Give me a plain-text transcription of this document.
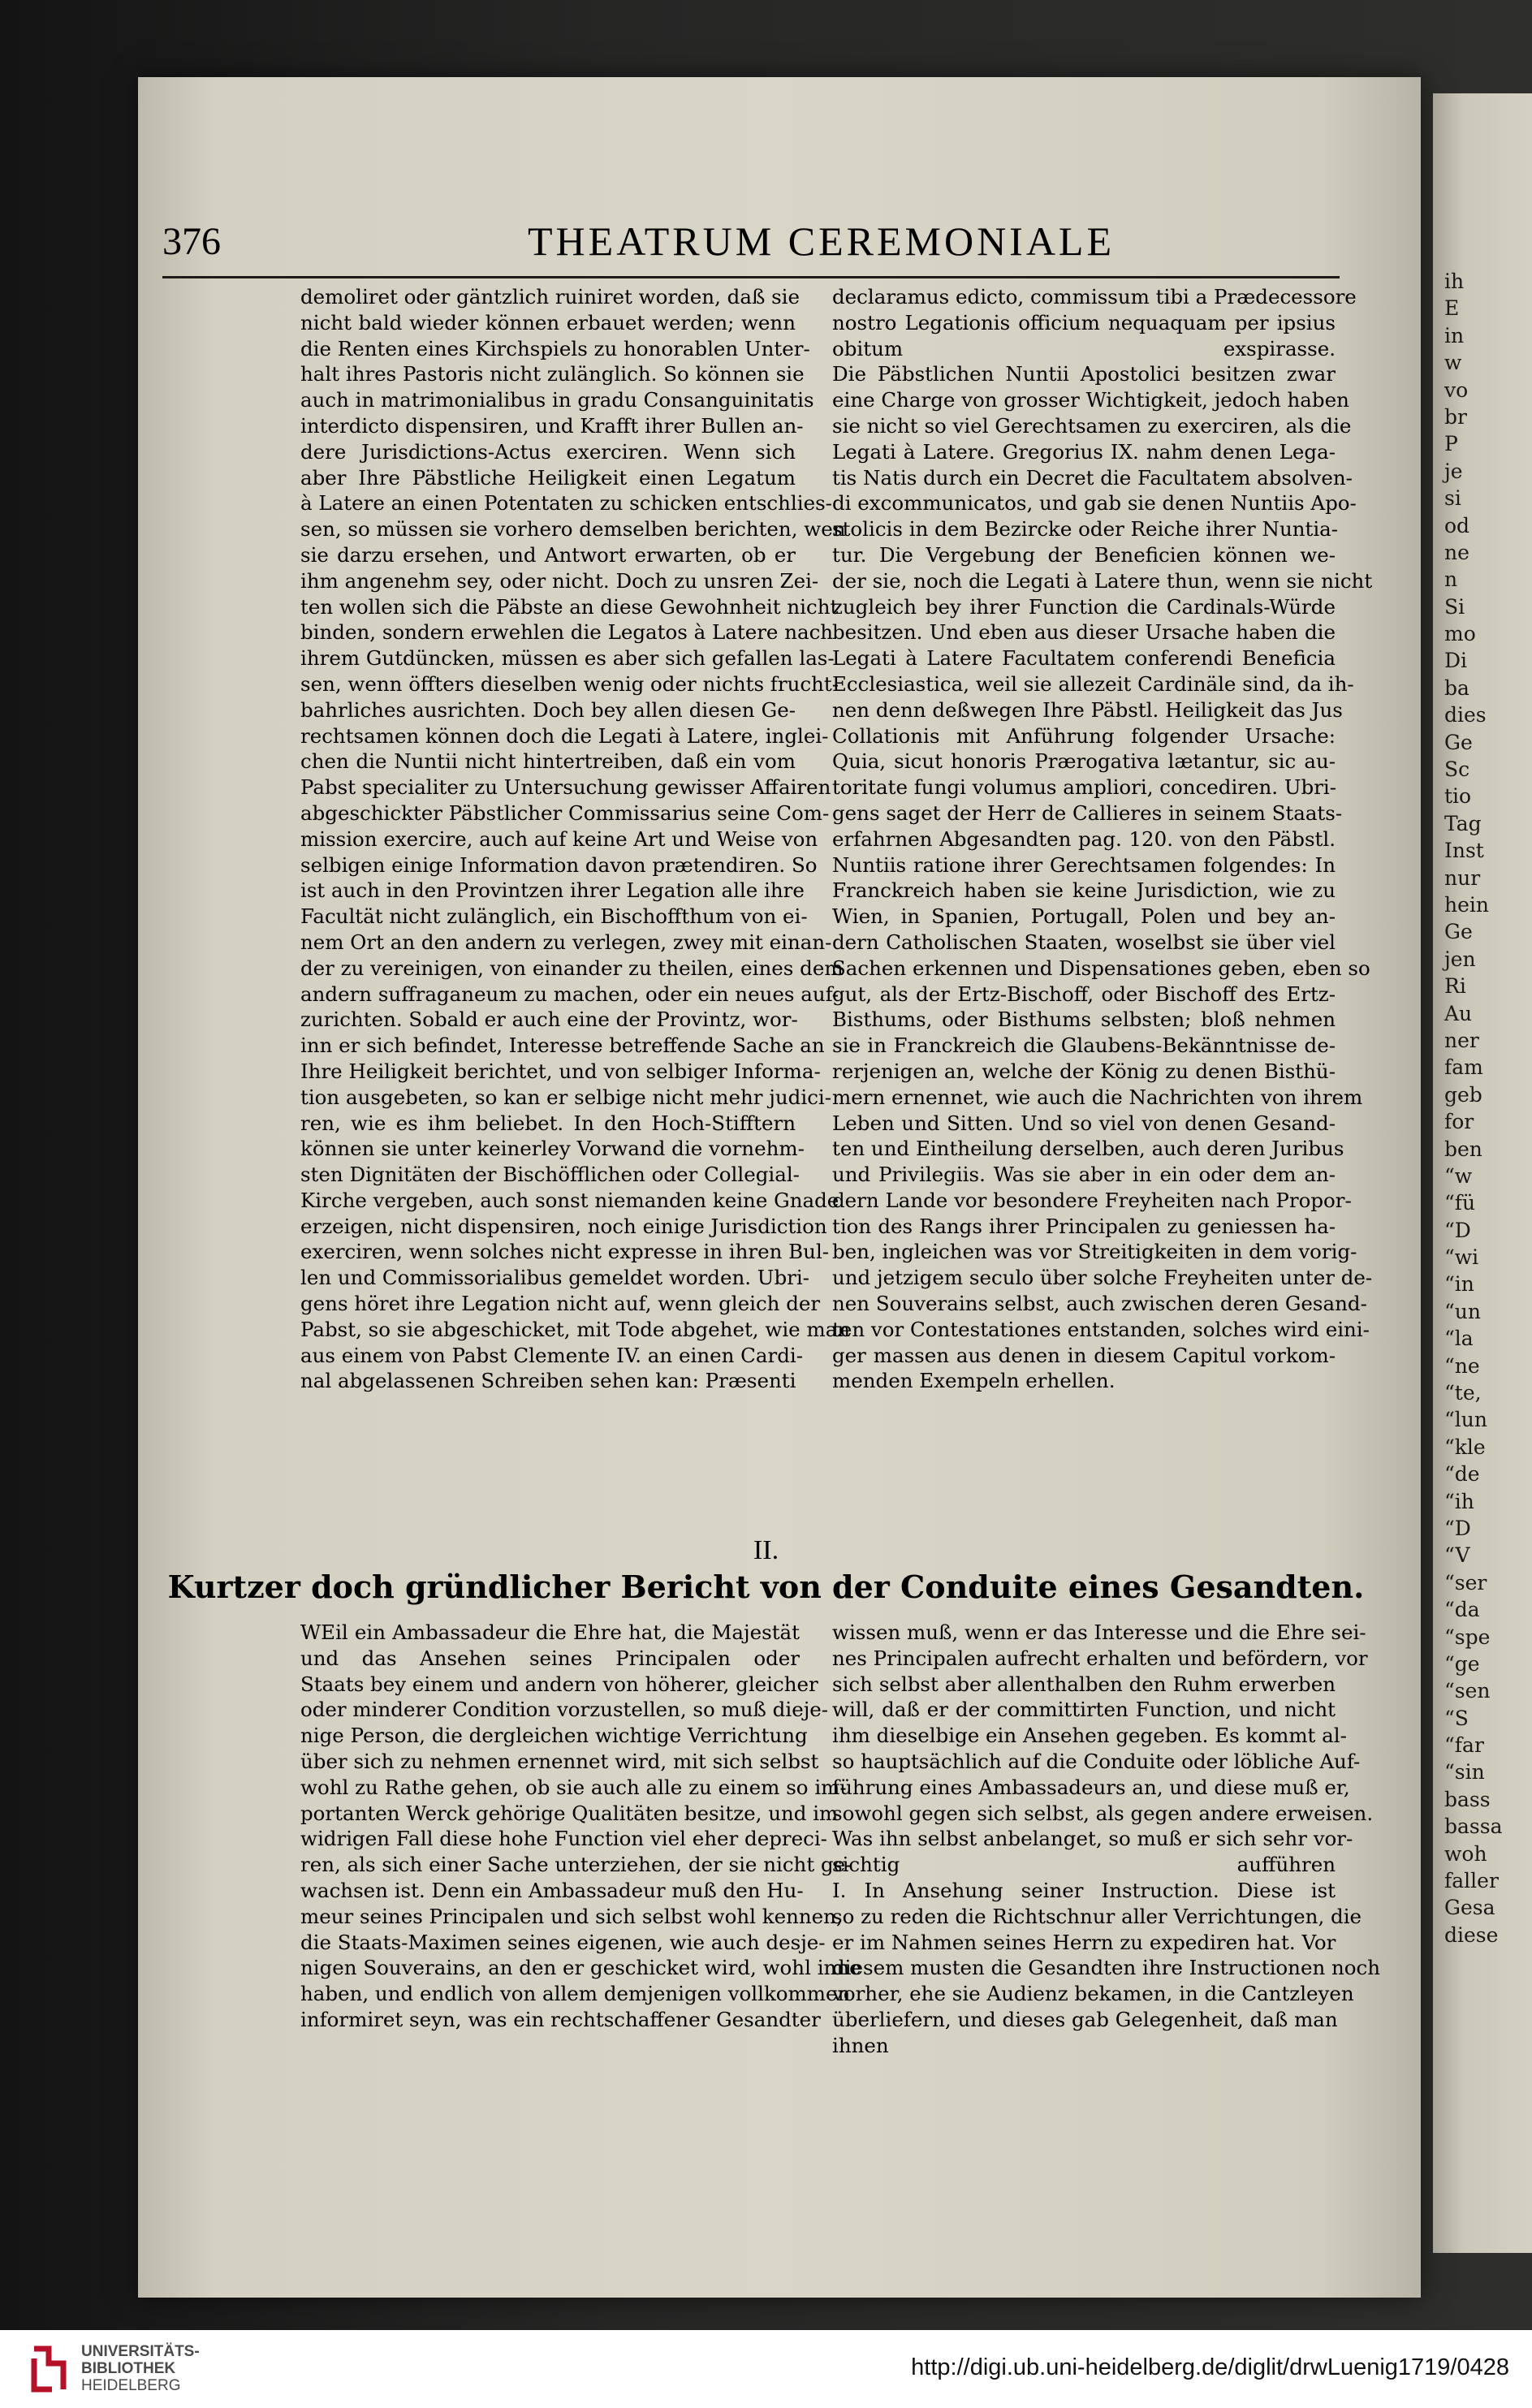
ih
E
in
w
vo
br
P
je
si
od
ne
n
Si
mo
Di
ba
dies
Ge
Sc
tio
Tag
Inst
nur
hein
Ge
jen
Ri
Au
ner
fam
geb
for
ben
“w
“fü
“D
“wi
“in
“un
“la
“ne
“te,
“lun
“kle
“de
“ih
“D
“V
“ser
“da
“spe
“ge
“sen
“S
“far
“sin
bass
bassa
woh
faller
Gesa
diese
376	THEATRUM CEREMONIALE
demoliret oder gäntzlich ruiniret worden, daß sie
nicht bald wieder können erbauet werden; wenn
die Renten eines Kirchspiels zu honorablen Unter-
halt ihres Pastoris nicht zulänglich. So können sie
auch in matrimonialibus in gradu Consanguinitatis
interdicto dispensiren, und Krafft ihrer Bullen an-
dere Jurisdictions-Actus exerciren. Wenn sich
aber Ihre Päbstliche Heiligkeit einen Legatum
à Latere an einen Potentaten zu schicken entschlies-
sen, so müssen sie vorhero demselben berichten, wen
sie darzu ersehen, und Antwort erwarten, ob er
ihm angenehm sey, oder nicht. Doch zu unsren Zei-
ten wollen sich die Päbste an diese Gewohnheit nicht
binden, sondern erwehlen die Legatos à Latere nach
ihrem Gutdüncken, müssen es aber sich gefallen las-
sen, wenn öffters dieselben wenig oder nichts frucht-
bahrliches ausrichten. Doch bey allen diesen Ge-
rechtsamen können doch die Legati à Latere, inglei-
chen die Nuntii nicht hintertreiben, daß ein vom
Pabst specialiter zu Untersuchung gewisser Affairen
abgeschickter Päbstlicher Commissarius seine Com-
mission exercire, auch auf keine Art und Weise von
selbigen einige Information davon prætendiren. So
ist auch in den Provintzen ihrer Legation alle ihre
Facultät nicht zulänglich, ein Bischoffthum von ei-
nem Ort an den andern zu verlegen, zwey mit einan-
der zu vereinigen, von einander zu theilen, eines dem
andern suffraganeum zu machen, oder ein neues auf-
zurichten. Sobald er auch eine der Provintz, wor-
inn er sich befindet, Interesse betreffende Sache an
Ihre Heiligkeit berichtet, und von selbiger Informa-
tion ausgebeten, so kan er selbige nicht mehr judici-
ren, wie es ihm beliebet. In den Hoch-Stifftern
können sie unter keinerley Vorwand die vornehm-
sten Dignitäten der Bischöfflichen oder Collegial-
Kirche vergeben, auch sonst niemanden keine Gnade
erzeigen, nicht dispensiren, noch einige Jurisdiction
exerciren, wenn solches nicht expresse in ihren Bul-
len und Commissorialibus gemeldet worden. Ubri-
gens höret ihre Legation nicht auf, wenn gleich der
Pabst, so sie abgeschicket, mit Tode abgehet, wie man
aus einem von Pabst Clemente IV. an einen Cardi-
nal abgelassenen Schreiben sehen kan: Præsenti
declaramus edicto, commissum tibi a Prædecessore
nostro Legationis officium nequaquam per ipsius
obitum exspirasse.
Die Päbstlichen Nuntii Apostolici besitzen zwar
eine Charge von grosser Wichtigkeit, jedoch haben
sie nicht so viel Gerechtsamen zu exerciren, als die
Legati à Latere. Gregorius IX. nahm denen Lega-
tis Natis durch ein Decret die Facultatem absolven-
di excommunicatos, und gab sie denen Nuntiis Apo-
stolicis in dem Bezircke oder Reiche ihrer Nuntia-
tur. Die Vergebung der Beneficien können we-
der sie, noch die Legati à Latere thun, wenn sie nicht
zugleich bey ihrer Function die Cardinals-Würde
besitzen. Und eben aus dieser Ursache haben die
Legati à Latere Facultatem conferendi Beneficia
Ecclesiastica, weil sie allezeit Cardinäle sind, da ih-
nen denn deßwegen Ihre Päbstl. Heiligkeit das Jus
Collationis mit Anführung folgender Ursache:
Quia, sicut honoris Prærogativa lætantur, sic au-
toritate fungi volumus ampliori, concediren. Ubri-
gens saget der Herr de Callieres in seinem Staats-
erfahrnen Abgesandten pag. 120. von den Päbstl.
Nuntiis ratione ihrer Gerechtsamen folgendes: In
Franckreich haben sie keine Jurisdiction, wie zu
Wien, in Spanien, Portugall, Polen und bey an-
dern Catholischen Staaten, woselbst sie über viel
Sachen erkennen und Dispensationes geben, eben so
gut, als der Ertz-Bischoff, oder Bischoff des Ertz-
Bisthums, oder Bisthums selbsten; bloß nehmen
sie in Franckreich die Glaubens-Bekänntnisse de-
rerjenigen an, welche der König zu denen Bisthü-
mern ernennet, wie auch die Nachrichten von ihrem
Leben und Sitten. Und so viel von denen Gesand-
ten und Eintheilung derselben, auch deren Juribus
und Privilegiis. Was sie aber in ein oder dem an-
dern Lande vor besondere Freyheiten nach Propor-
tion des Rangs ihrer Principalen zu geniessen ha-
ben, ingleichen was vor Streitigkeiten in dem vorig-
und jetzigem seculo über solche Freyheiten unter de-
nen Souverains selbst, auch zwischen deren Gesand-
ten vor Contestationes entstanden, solches wird eini-
ger massen aus denen in diesem Capitul vorkom-
menden Exempeln erhellen.
II.
Kurtzer doch gründlicher Bericht von der Conduite eines Gesandten.
WEil ein Ambassadeur die Ehre hat, die Majestät
und das Ansehen seines Principalen oder
Staats bey einem und andern von höherer, gleicher
oder minderer Condition vorzustellen, so muß dieje-
nige Person, die dergleichen wichtige Verrichtung
über sich zu nehmen ernennet wird, mit sich selbst
wohl zu Rathe gehen, ob sie auch alle zu einem so im-
portanten Werck gehörige Qualitäten besitze, und im
widrigen Fall diese hohe Function viel eher depreci-
ren, als sich einer Sache unterziehen, der sie nicht ge-
wachsen ist. Denn ein Ambassadeur muß den Hu-
meur seines Principalen und sich selbst wohl kennen,
die Staats-Maximen seines eigenen, wie auch desje-
nigen Souverains, an den er geschicket wird, wohl inne
haben, und endlich von allem demjenigen vollkommen
informiret seyn, was ein rechtschaffener Gesandter
wissen muß, wenn er das Interesse und die Ehre sei-
nes Principalen aufrecht erhalten und befördern, vor
sich selbst aber allenthalben den Ruhm erwerben
will, daß er der committirten Function, und nicht
ihm dieselbige ein Ansehen gegeben. Es kommt al-
so hauptsächlich auf die Conduite oder löbliche Auf-
führung eines Ambassadeurs an, und diese muß er,
sowohl gegen sich selbst, als gegen andere erweisen.
Was ihn selbst anbelanget, so muß er sich sehr vor-
sichtig aufführen
I. In Ansehung seiner Instruction. Diese ist
so zu reden die Richtschnur aller Verrichtungen, die
er im Nahmen seines Herrn zu expediren hat. Vor
diesem musten die Gesandten ihre Instructionen noch
vorher, ehe sie Audienz bekamen, in die Cantzleyen
überliefern, und dieses gab Gelegenheit, daß man
ihnen
UNIVERSITÄTS-
BIBLIOTHEK
HEIDELBERG
http://digi.ub.uni-heidelberg.de/diglit/drwLuenig1719/0428
